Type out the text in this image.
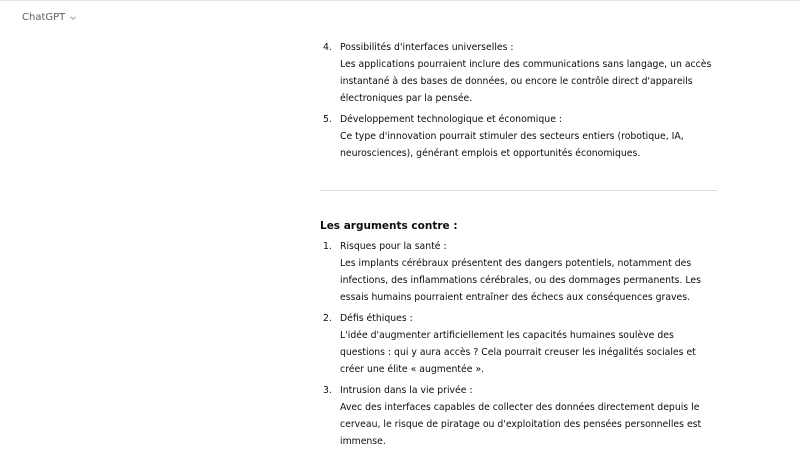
ChatGPT
4. Possibilités d'interfaces universelles :
Les applications pourraient inclure des communications sans langage, un accès instantané à des bases de données, ou encore le contrôle direct d'appareils électroniques par la pensée.
5. Développement technologique et économique :
Ce type d'innovation pourrait stimuler des secteurs entiers (robotique, IA, neurosciences), générant emplois et opportunités économiques.
Les arguments contre :
1. Risques pour la santé :
Les implants cérébraux présentent des dangers potentiels, notamment des infections, des inflammations cérébrales, ou des dommages permanents. Les essais humains pourraient entraîner des échecs aux conséquences graves.
2. Défis éthiques :
L'idée d'augmenter artificiellement les capacités humaines soulève des questions : qui y aura accès ? Cela pourrait creuser les inégalités sociales et créer une élite « augmentée ».
3. Intrusion dans la vie privée :
Avec des interfaces capables de collecter des données directement depuis le cerveau, le risque de piratage ou d'exploitation des pensées personnelles est immense.
